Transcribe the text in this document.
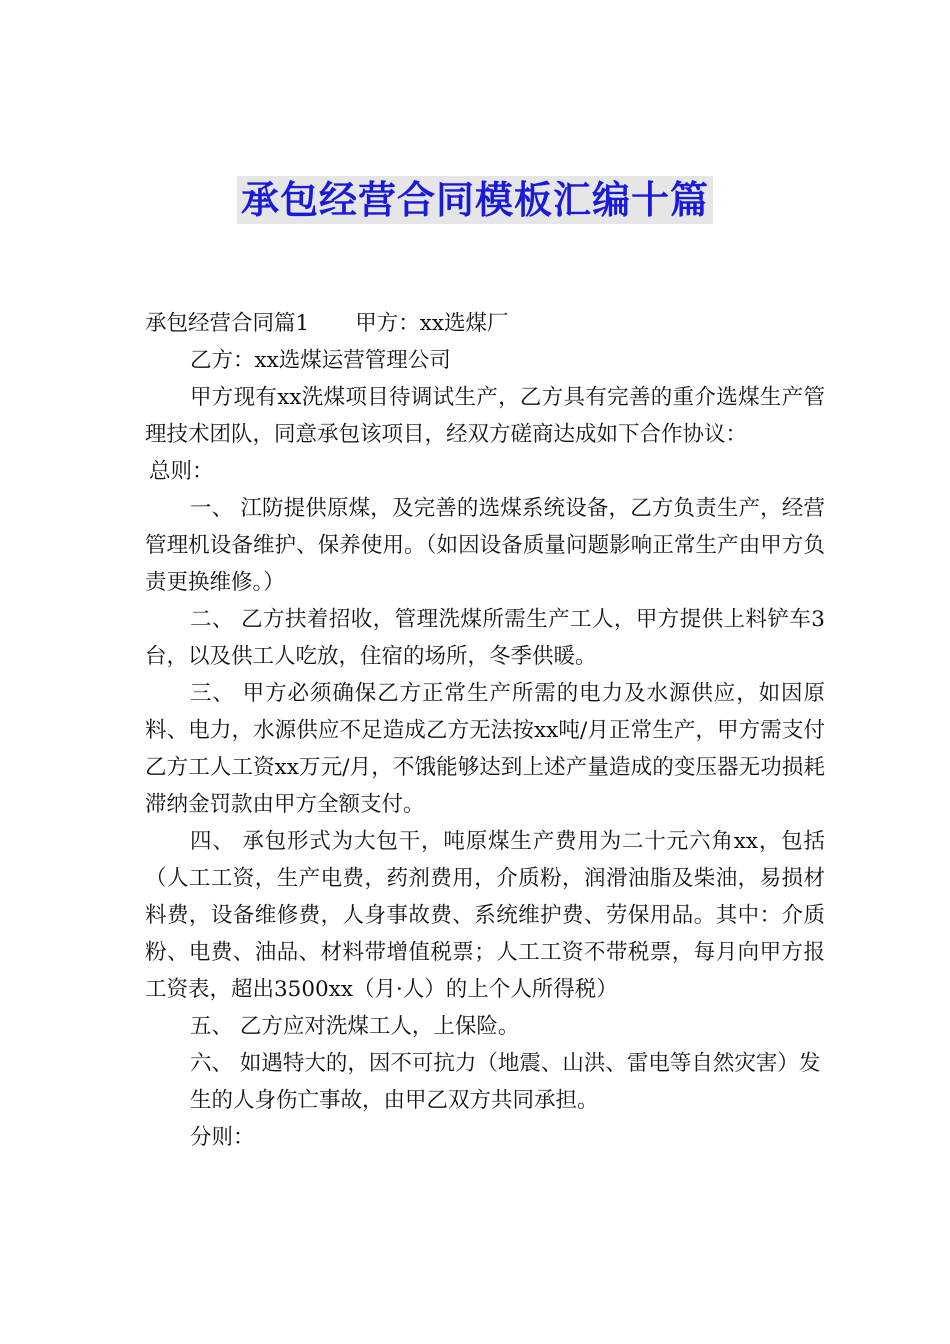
承包经营合同模板汇编十篇

承包经营合同篇1 甲方：xx选煤厂

乙方：xx选煤运营管理公司

甲方现有xx洗煤项目待调试生产，乙方具有完善的重介选煤生产管理技术团队，同意承包该项目，经双方磋商达成如下合作协议：

总则：

一、 江防提供原煤，及完善的选煤系统设备，乙方负责生产，经营管理机设备维护、保养使用。（如因设备质量问题影响正常生产由甲方负责更换维修。）

二、 乙方扶着招收，管理洗煤所需生产工人，甲方提供上料铲车3台，以及供工人吃放，住宿的场所，冬季供暖。

三、 甲方必须确保乙方正常生产所需的电力及水源供应，如因原料、电力，水源供应不足造成乙方无法按xx吨/月正常生产，甲方需支付乙方工人工资xx万元/月，不饿能够达到上述产量造成的变压器无功损耗滞纳金罚款由甲方全额支付。

四、 承包形式为大包干，吨原煤生产费用为二十元六角xx，包括（人工工资，生产电费，药剂费用，介质粉，润滑油脂及柴油，易损材料费，设备维修费，人身事故费、系统维护费、劳保用品。其中：介质粉、电费、油品、材料带增值税票；人工工资不带税票，每月向甲方报工资表，超出3500xx（月·人）的上个人所得税）

五、 乙方应对洗煤工人，上保险。

六、 如遇特大的，因不可抗力（地震、山洪、雷电等自然灾害）发

生的人身伤亡事故，由甲乙双方共同承担。

分则：
